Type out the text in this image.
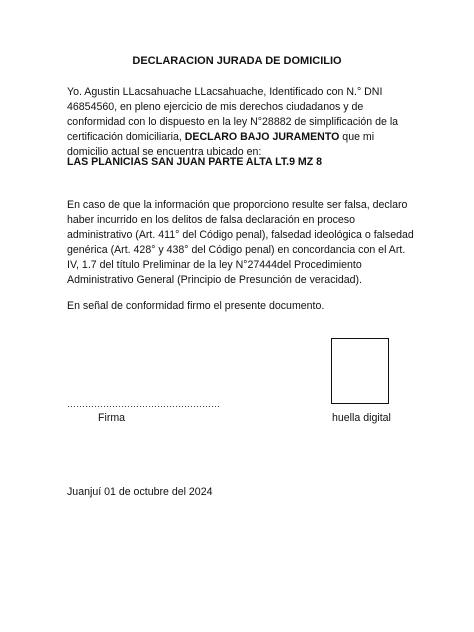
DECLARACION JURADA DE DOMICILIO
Yo. Agustin LLacsahuache LLacsahuache, Identificado con N.° DNI 46854560, en pleno ejercicio de mis derechos ciudadanos y de conformidad con lo dispuesto en la ley N°28882 de simplificación de la certificación domiciliaria, DECLARO BAJO JURAMENTO que mi domicilio actual se encuentra ubicado en:
LAS PLANICIAS SAN JUAN PARTE ALTA LT.9 MZ 8
En caso de que la información que proporciono resulte ser falsa, declaro haber incurrido en los delitos de falsa declaración en proceso administrativo (Art. 411° del Código penal), falsedad ideológica o falsedad genérica (Art. 428° y 438° del Código penal) en concordancia con el Art. IV, 1.7 del título Preliminar de la ley N°27444del Procedimiento Administrativo General (Principio de Presunción de veracidad).
En señal de conformidad firmo el presente documento.
……………………………………………
Firma	huella digital
Juanjuí 01 de octubre del 2024
